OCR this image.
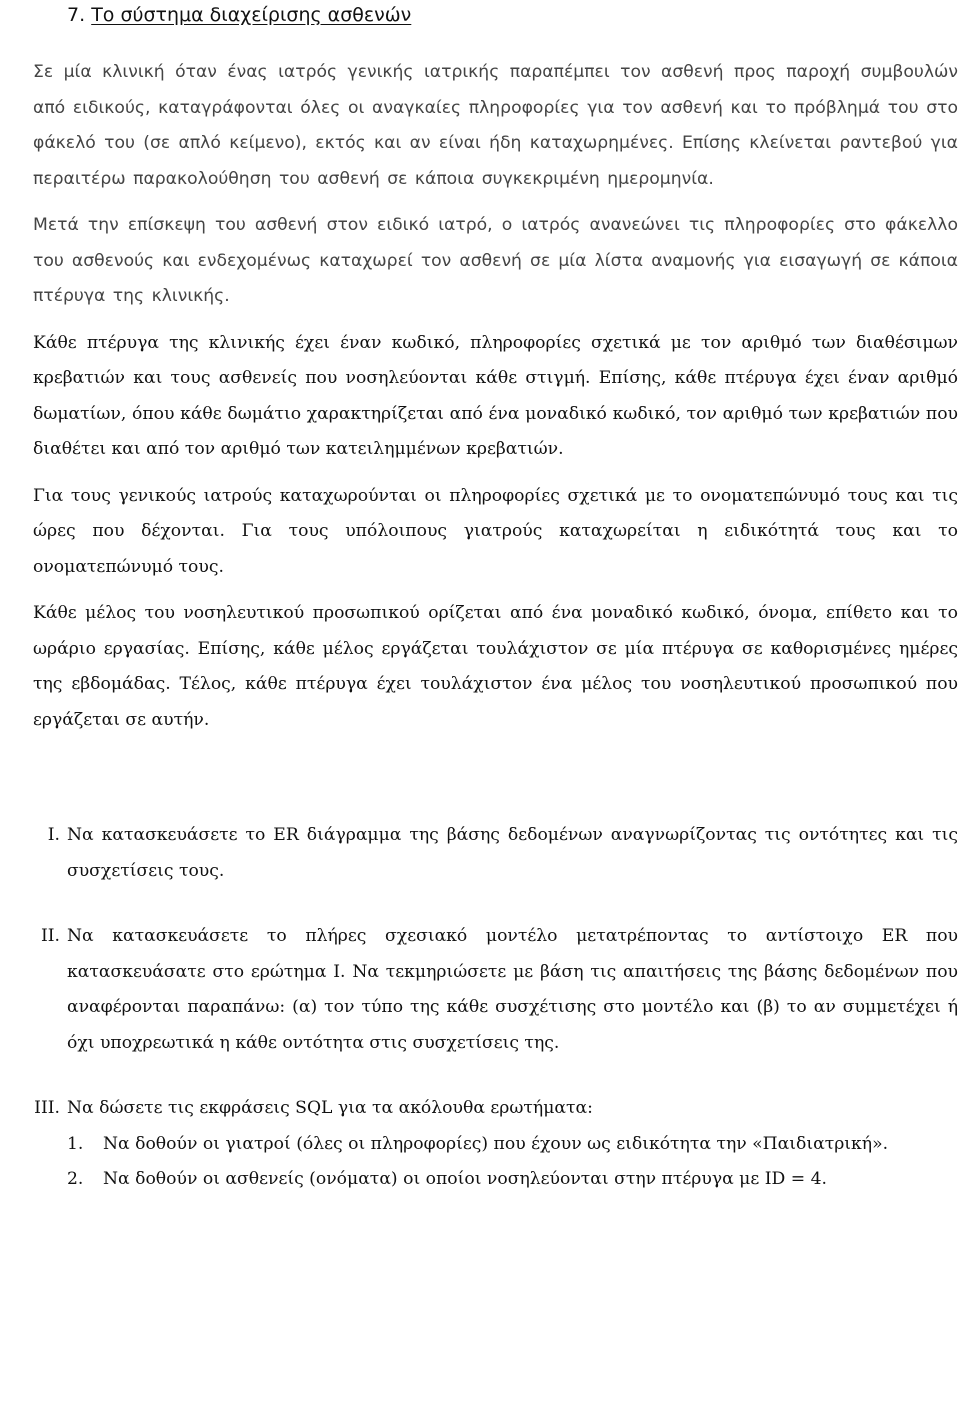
7. Το σύστημα διαχείρισης ασθενών

Σε μία κλινική όταν ένας ιατρός γενικής ιατρικής παραπέμπει τον ασθενή προς παροχή συμβουλών από ειδικούς, καταγράφονται όλες οι αναγκαίες πληροφορίες για τον ασθενή και το πρόβλημά του στο φάκελό του (σε απλό κείμενο), εκτός και αν είναι ήδη καταχωρημένες. Επίσης κλείνεται ραντεβού για περαιτέρω παρακολούθηση του ασθενή σε κάποια συγκεκριμένη ημερομηνία.

Μετά την επίσκεψη του ασθενή στον ειδικό ιατρό, ο ιατρός ανανεώνει τις πληροφορίες στο φάκελλο του ασθενούς και ενδεχομένως καταχωρεί τον ασθενή σε μία λίστα αναμονής για εισαγωγή σε κάποια πτέρυγα της κλινικής.

Κάθε πτέρυγα της κλινικής έχει έναν κωδικό, πληροφορίες σχετικά με τον αριθμό των διαθέσιμων κρεβατιών και τους ασθενείς που νοσηλεύονται κάθε στιγμή. Επίσης, κάθε πτέρυγα έχει έναν αριθμό δωματίων, όπου κάθε δωμάτιο χαρακτηρίζεται από ένα μοναδικό κωδικό, τον αριθμό των κρεβατιών που διαθέτει και από τον αριθμό των κατειλημμένων κρεβατιών.

Για τους γενικούς ιατρούς καταχωρούνται οι πληροφορίες σχετικά με το ονοματεπώνυμό τους και τις ώρες που δέχονται. Για τους υπόλοιπους γιατρούς καταχωρείται η ειδικότητά τους και το ονοματεπώνυμό τους.

Κάθε μέλος του νοσηλευτικού προσωπικού ορίζεται από ένα μοναδικό κωδικό, όνομα, επίθετο και το ωράριο εργασίας. Επίσης, κάθε μέλος εργάζεται τουλάχιστον σε μία πτέρυγα σε καθορισμένες ημέρες της εβδομάδας. Τέλος, κάθε πτέρυγα έχει τουλάχιστον ένα μέλος του νοσηλευτικού προσωπικού που εργάζεται σε αυτήν.

I. Να κατασκευάσετε το ER διάγραμμα της βάσης δεδομένων αναγνωρίζοντας τις οντότητες και τις συσχετίσεις τους.
II. Να κατασκευάσετε το πλήρες σχεσιακό μοντέλο μετατρέποντας το αντίστοιχο ER που κατασκευάσατε στο ερώτημα I. Να τεκμηριώσετε με βάση τις απαιτήσεις της βάσης δεδομένων που αναφέρονται παραπάνω: (α) τον τύπο της κάθε συσχέτισης στο μοντέλο και (β) το αν συμμετέχει ή όχι υποχρεωτικά η κάθε οντότητα στις συσχετίσεις της.
III. Να δώσετε τις εκφράσεις SQL για τα ακόλουθα ερωτήματα:
1. Να δοθούν οι γιατροί (όλες οι πληροφορίες) που έχουν ως ειδικότητα την «Παιδιατρική».
2. Να δοθούν οι ασθενείς (ονόματα) οι οποίοι νοσηλεύονται στην πτέρυγα με ID = 4.
